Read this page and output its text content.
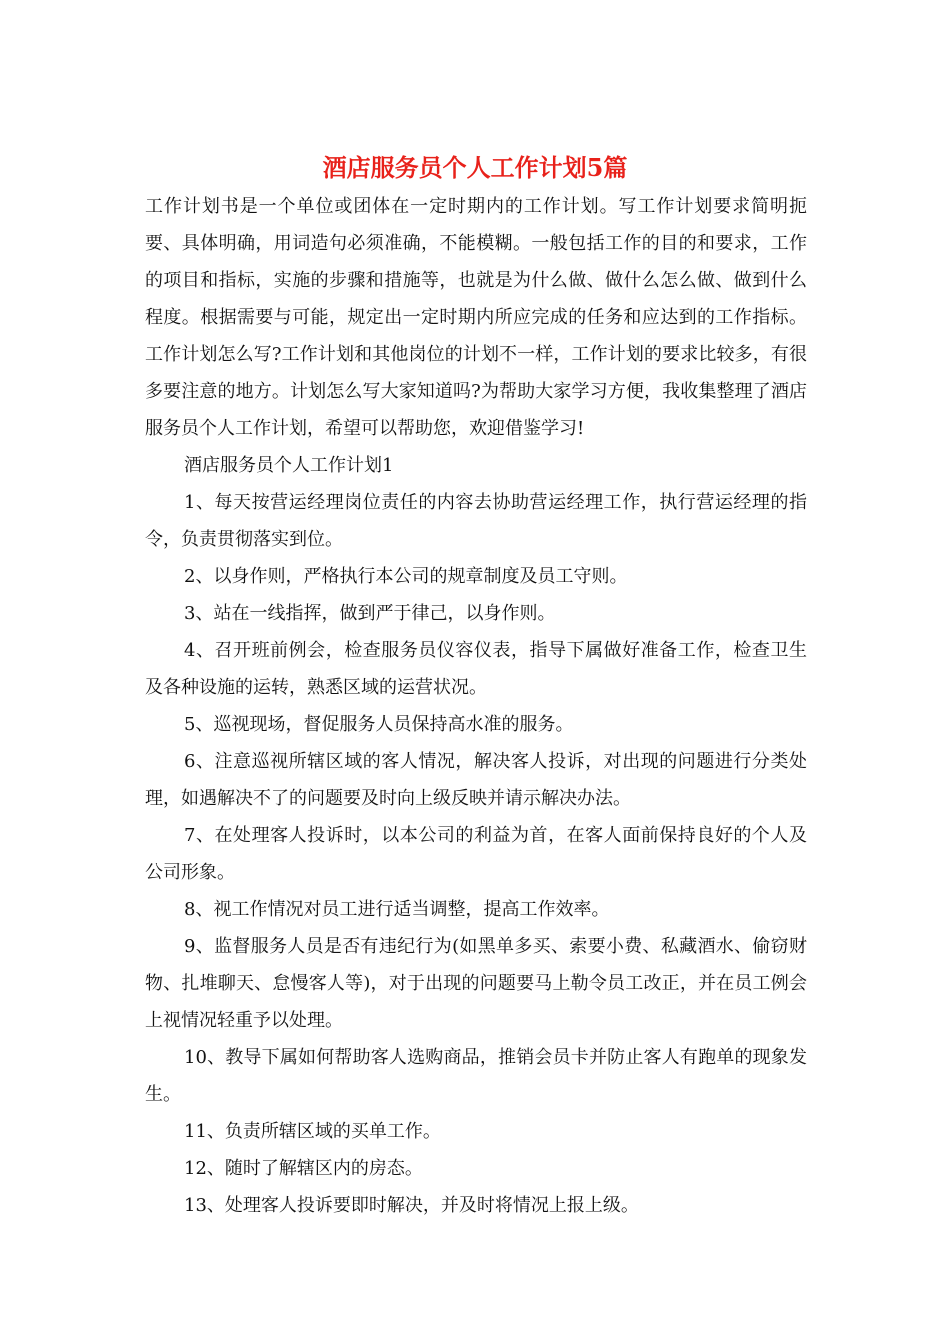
酒店服务员个人工作计划5篇

工作计划书是一个单位或团体在一定时期内的工作计划。写工作计划要求简明扼要、具体明确，用词造句必须准确，不能模糊。一般包括工作的目的和要求，工作的项目和指标，实施的步骤和措施等，也就是为什么做、做什么怎么做、做到什么程度。根据需要与可能，规定出一定时期内所应完成的任务和应达到的工作指标。工作计划怎么写?工作计划和其他岗位的计划不一样，工作计划的要求比较多，有很多要注意的地方。计划怎么写大家知道吗?为帮助大家学习方便，我收集整理了酒店服务员个人工作计划，希望可以帮助您，欢迎借鉴学习!

酒店服务员个人工作计划1

1、每天按营运经理岗位责任的内容去协助营运经理工作，执行营运经理的指令，负责贯彻落实到位。

2、以身作则，严格执行本公司的规章制度及员工守则。

3、站在一线指挥，做到严于律己，以身作则。

4、召开班前例会，检查服务员仪容仪表，指导下属做好准备工作，检查卫生及各种设施的运转，熟悉区域的运营状况。

5、巡视现场，督促服务人员保持高水准的服务。

6、注意巡视所辖区域的客人情况，解决客人投诉，对出现的问题进行分类处理，如遇解决不了的问题要及时向上级反映并请示解决办法。

7、在处理客人投诉时，以本公司的利益为首，在客人面前保持良好的个人及公司形象。

8、视工作情况对员工进行适当调整，提高工作效率。

9、监督服务人员是否有违纪行为(如黑单多买、索要小费、私藏酒水、偷窃财物、扎堆聊天、怠慢客人等)，对于出现的问题要马上勒令员工改正，并在员工例会上视情况轻重予以处理。

10、教导下属如何帮助客人选购商品，推销会员卡并防止客人有跑单的现象发生。

11、负责所辖区域的买单工作。

12、随时了解辖区内的房态。

13、处理客人投诉要即时解决，并及时将情况上报上级。
